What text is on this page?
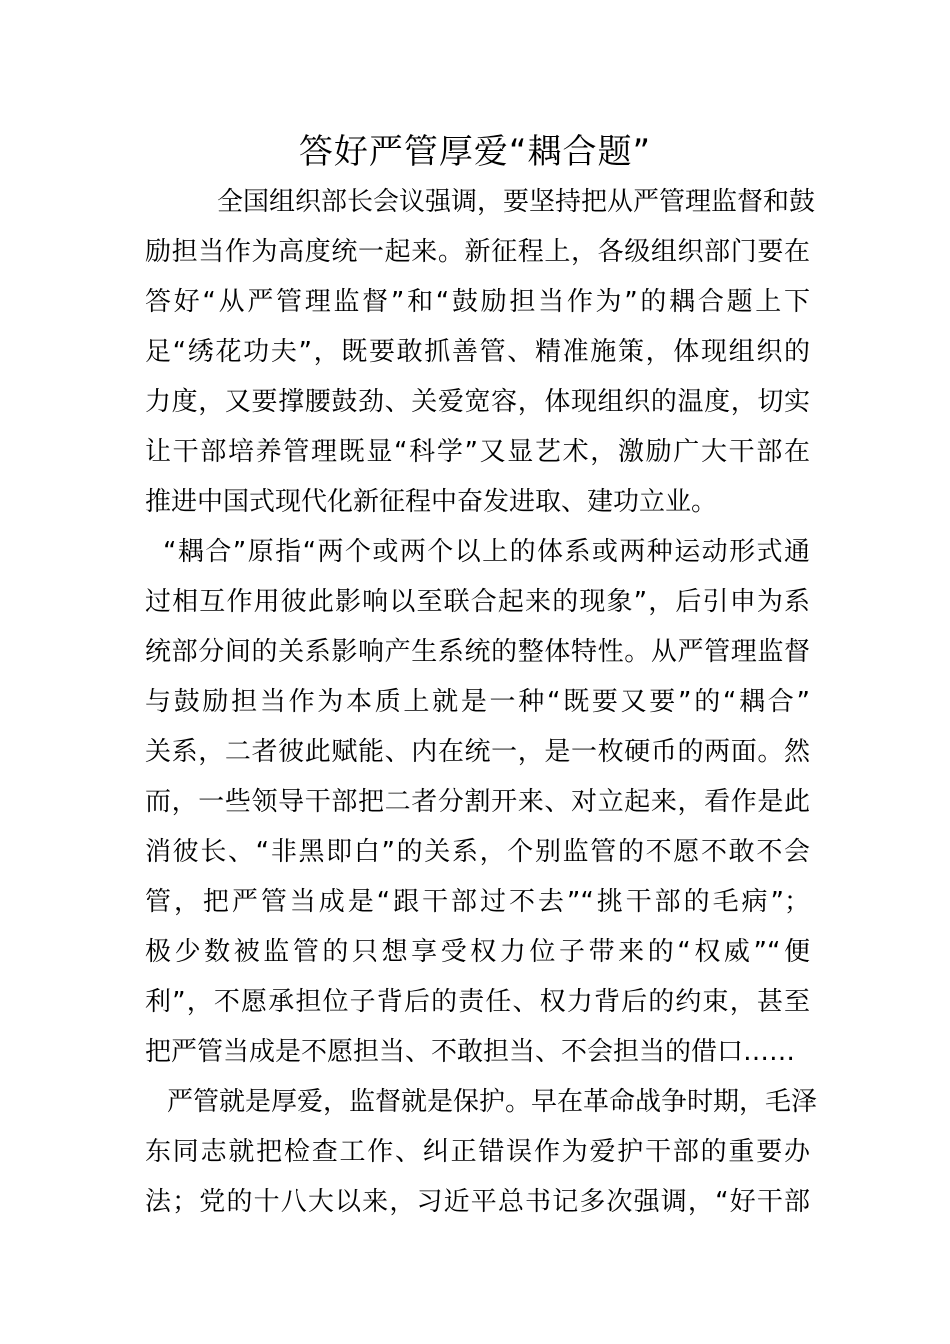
答好严管厚爱“耦合题”
全国组织部长会议强调，要坚持把从严管理监督和鼓
励担当作为高度统一起来。新征程上，各级组织部门要在
答好“从严管理监督”和“鼓励担当作为”的耦合题上下
足“绣花功夫”，既要敢抓善管、精准施策，体现组织的
力度，又要撑腰鼓劲、关爱宽容，体现组织的温度，切实
让干部培养管理既显“科学”又显艺术，激励广大干部在
推进中国式现代化新征程中奋发进取、建功立业。
“耦合”原指“两个或两个以上的体系或两种运动形式通
过相互作用彼此影响以至联合起来的现象”，后引申为系
统部分间的关系影响产生系统的整体特性。从严管理监督
与鼓励担当作为本质上就是一种“既要又要”的“耦合”
关系，二者彼此赋能、内在统一，是一枚硬币的两面。然
而，一些领导干部把二者分割开来、对立起来，看作是此
消彼长、“非黑即白”的关系，个别监管的不愿不敢不会
管，把严管当成是“跟干部过不去”“挑干部的毛病”；
极少数被监管的只想享受权力位子带来的“权威”“便
利”，不愿承担位子背后的责任、权力背后的约束，甚至
把严管当成是不愿担当、不敢担当、不会担当的借口……
严管就是厚爱，监督就是保护。早在革命战争时期，毛泽
东同志就把检查工作、纠正错误作为爱护干部的重要办
法；党的十八大以来，习近平总书记多次强调，“好干部
